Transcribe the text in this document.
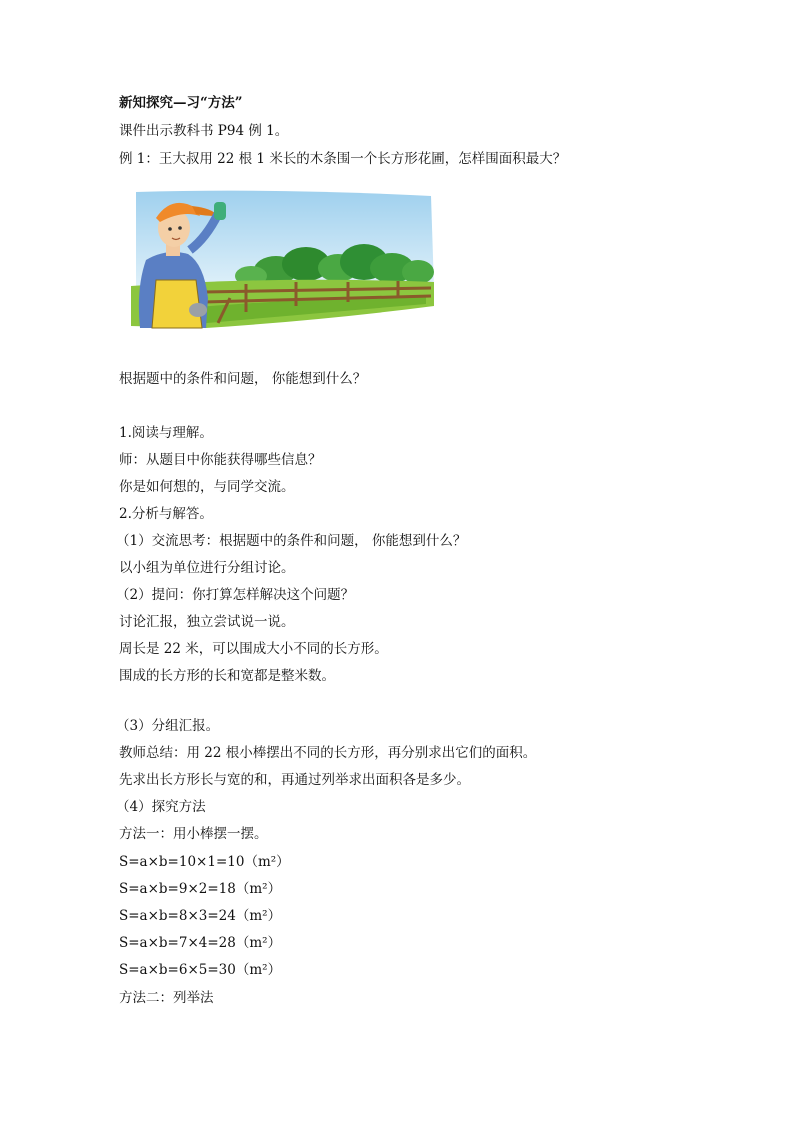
新知探究—习“方法”
课件出示教科书 P94 例 1。
例 1：王大叔用 22 根 1 米长的木条围一个长方形花圃，怎样围面积最大？
根据题中的条件和问题， 你能想到什么？
1.阅读与理解。
师：从题目中你能获得哪些信息？
你是如何想的，与同学交流。
2.分析与解答。
（1）交流思考：根据题中的条件和问题， 你能想到什么？
以小组为单位进行分组讨论。
（2）提问：你打算怎样解决这个问题？
讨论汇报，独立尝试说一说。
周长是 22 米，可以围成大小不同的长方形。
围成的长方形的长和宽都是整米数。
（3）分组汇报。
教师总结：用 22 根小棒摆出不同的长方形，再分别求出它们的面积。
先求出长方形长与宽的和，再通过列举求出面积各是多少。
（4）探究方法
方法一：用小棒摆一摆。
S=a×b=10×1=10（m²）
S=a×b=9×2=18（m²）
S=a×b=8×3=24（m²）
S=a×b=7×4=28（m²）
S=a×b=6×5=30（m²）
方法二：列举法
